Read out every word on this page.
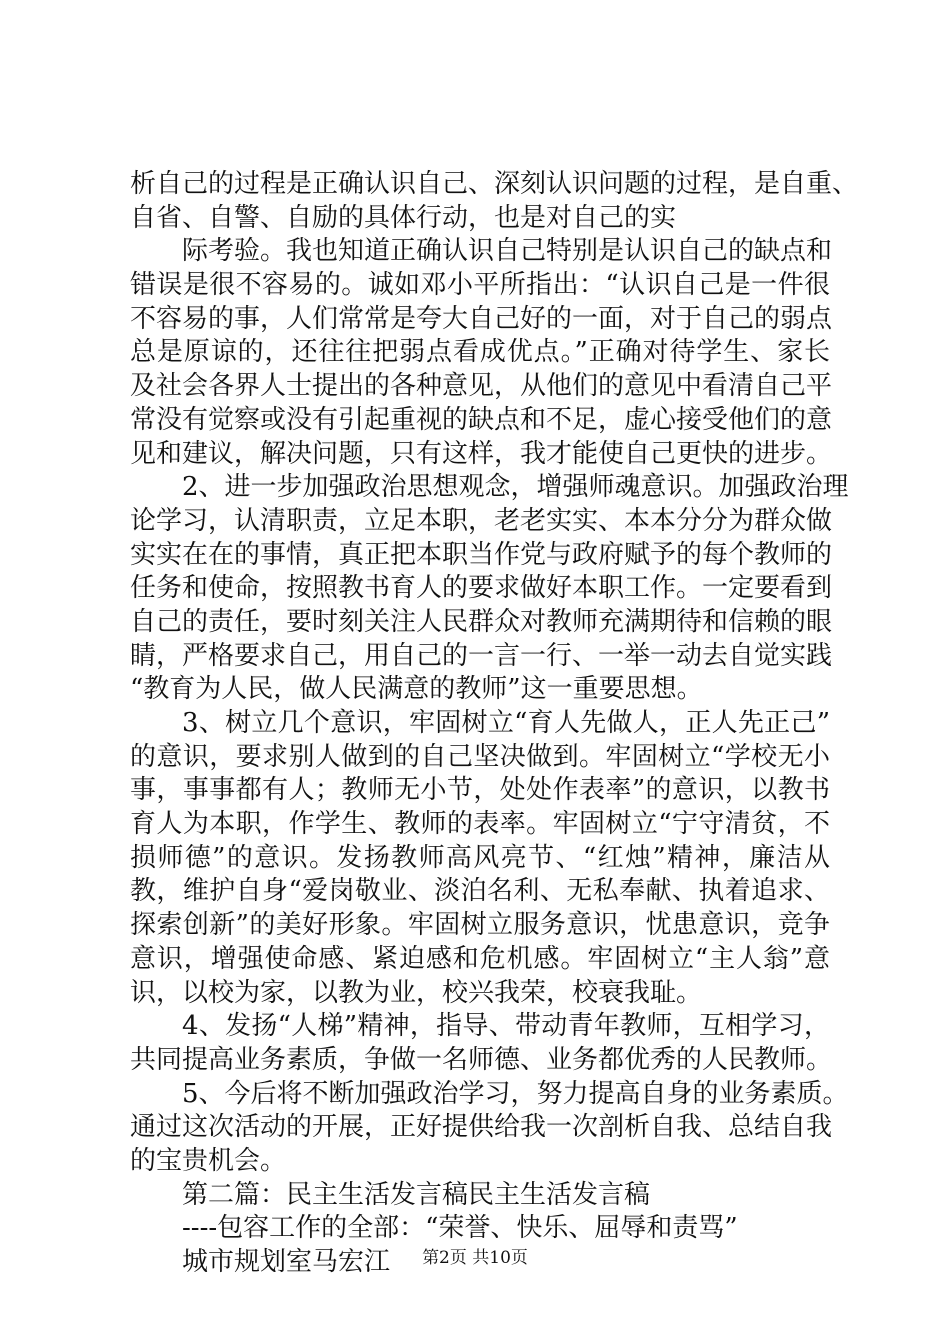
析自己的过程是正确认识自己、深刻认识问题的过程，是自重、
自省、自警、自励的具体行动，也是对自己的实
际考验。我也知道正确认识自己特别是认识自己的缺点和
错误是很不容易的。诚如邓小平所指出：“认识自己是一件很
不容易的事，人们常常是夸大自己好的一面，对于自己的弱点
总是原谅的，还往往把弱点看成优点。”正确对待学生、家长
及社会各界人士提出的各种意见，从他们的意见中看清自己平
常没有觉察或没有引起重视的缺点和不足，虚心接受他们的意
见和建议，解决问题，只有这样，我才能使自己更快的进步。
2、进一步加强政治思想观念，增强师魂意识。加强政治理
论学习，认清职责，立足本职，老老实实、本本分分为群众做
实实在在的事情，真正把本职当作党与政府赋予的每个教师的
任务和使命，按照教书育人的要求做好本职工作。一定要看到
自己的责任，要时刻关注人民群众对教师充满期待和信赖的眼
睛，严格要求自己，用自己的一言一行、一举一动去自觉实践
“教育为人民，做人民满意的教师”这一重要思想。
3、树立几个意识，牢固树立“育人先做人，正人先正己”
的意识，要求别人做到的自己坚决做到。牢固树立“学校无小
事，事事都有人；教师无小节，处处作表率”的意识，以教书
育人为本职，作学生、教师的表率。牢固树立“宁守清贫，不
损师德”的意识。发扬教师高风亮节、“红烛”精神，廉洁从
教，维护自身“爱岗敬业、淡泊名利、无私奉献、执着追求、
探索创新”的美好形象。牢固树立服务意识，忧患意识，竞争
意识，增强使命感、紧迫感和危机感。牢固树立“主人翁”意
识，以校为家，以教为业，校兴我荣，校衰我耻。
4、发扬“人梯”精神，指导、带动青年教师，互相学习，
共同提高业务素质，争做一名师德、业务都优秀的人民教师。
5、今后将不断加强政治学习，努力提高自身的业务素质。
通过这次活动的开展，正好提供给我一次剖析自我、总结自我
的宝贵机会。
第二篇：民主生活发言稿民主生活发言稿
----包容工作的全部：“荣誉、快乐、屈辱和责骂”
城市规划室马宏江	第2页 共10页
